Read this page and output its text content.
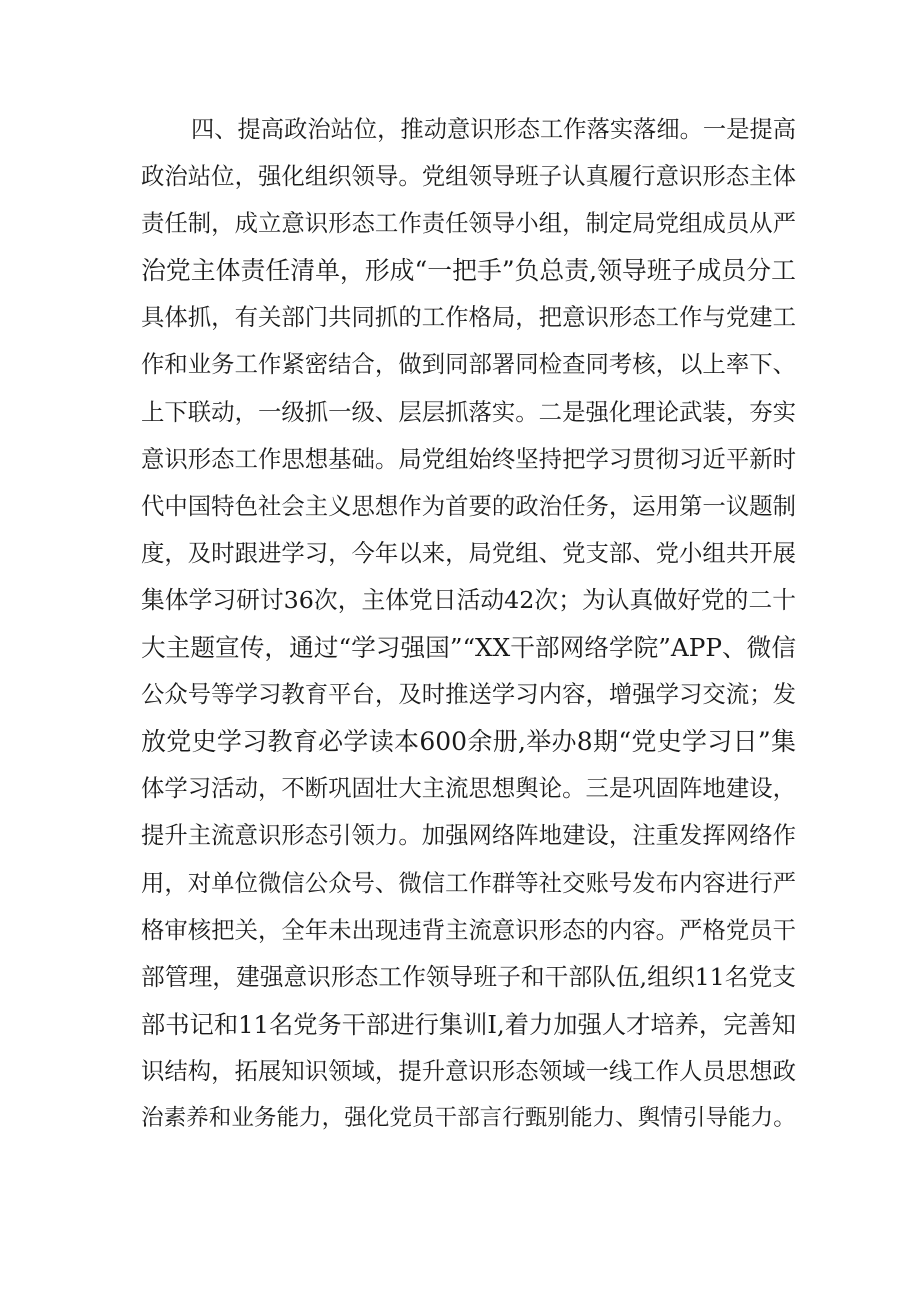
四、提高政治站位，推动意识形态工作落实落细。一是提高
政治站位，强化组织领导。党组领导班子认真履行意识形态主体
责任制，成立意识形态工作责任领导小组，制定局党组成员从严
治党主体责任清单，形成“一把手”负总责,领导班子成员分工
具体抓，有关部门共同抓的工作格局，把意识形态工作与党建工
作和业务工作紧密结合，做到同部署同检查同考核，以上率下、
上下联动，一级抓一级、层层抓落实。二是强化理论武装，夯实
意识形态工作思想基础。局党组始终坚持把学习贯彻习近平新时
代中国特色社会主义思想作为首要的政治任务，运用第一议题制
度，及时跟进学习，今年以来，局党组、党支部、党小组共开展
集体学习研讨36次，主体党日活动42次；为认真做好党的二十
大主题宣传，通过“学习强国”“XX干部网络学院”APP、微信
公众号等学习教育平台，及时推送学习内容，增强学习交流；发
放党史学习教育必学读本600余册,举办8期“党史学习日”集
体学习活动，不断巩固壮大主流思想舆论。三是巩固阵地建设，
提升主流意识形态引领力。加强网络阵地建设，注重发挥网络作
用，对单位微信公众号、微信工作群等社交账号发布内容进行严
格审核把关，全年未出现违背主流意识形态的内容。严格党员干
部管理，建强意识形态工作领导班子和干部队伍,组织11名党支
部书记和11名党务干部进行集训I,着力加强人才培养，完善知
识结构，拓展知识领域，提升意识形态领域一线工作人员思想政
治素养和业务能力，强化党员干部言行甄别能力、舆情引导能力。
